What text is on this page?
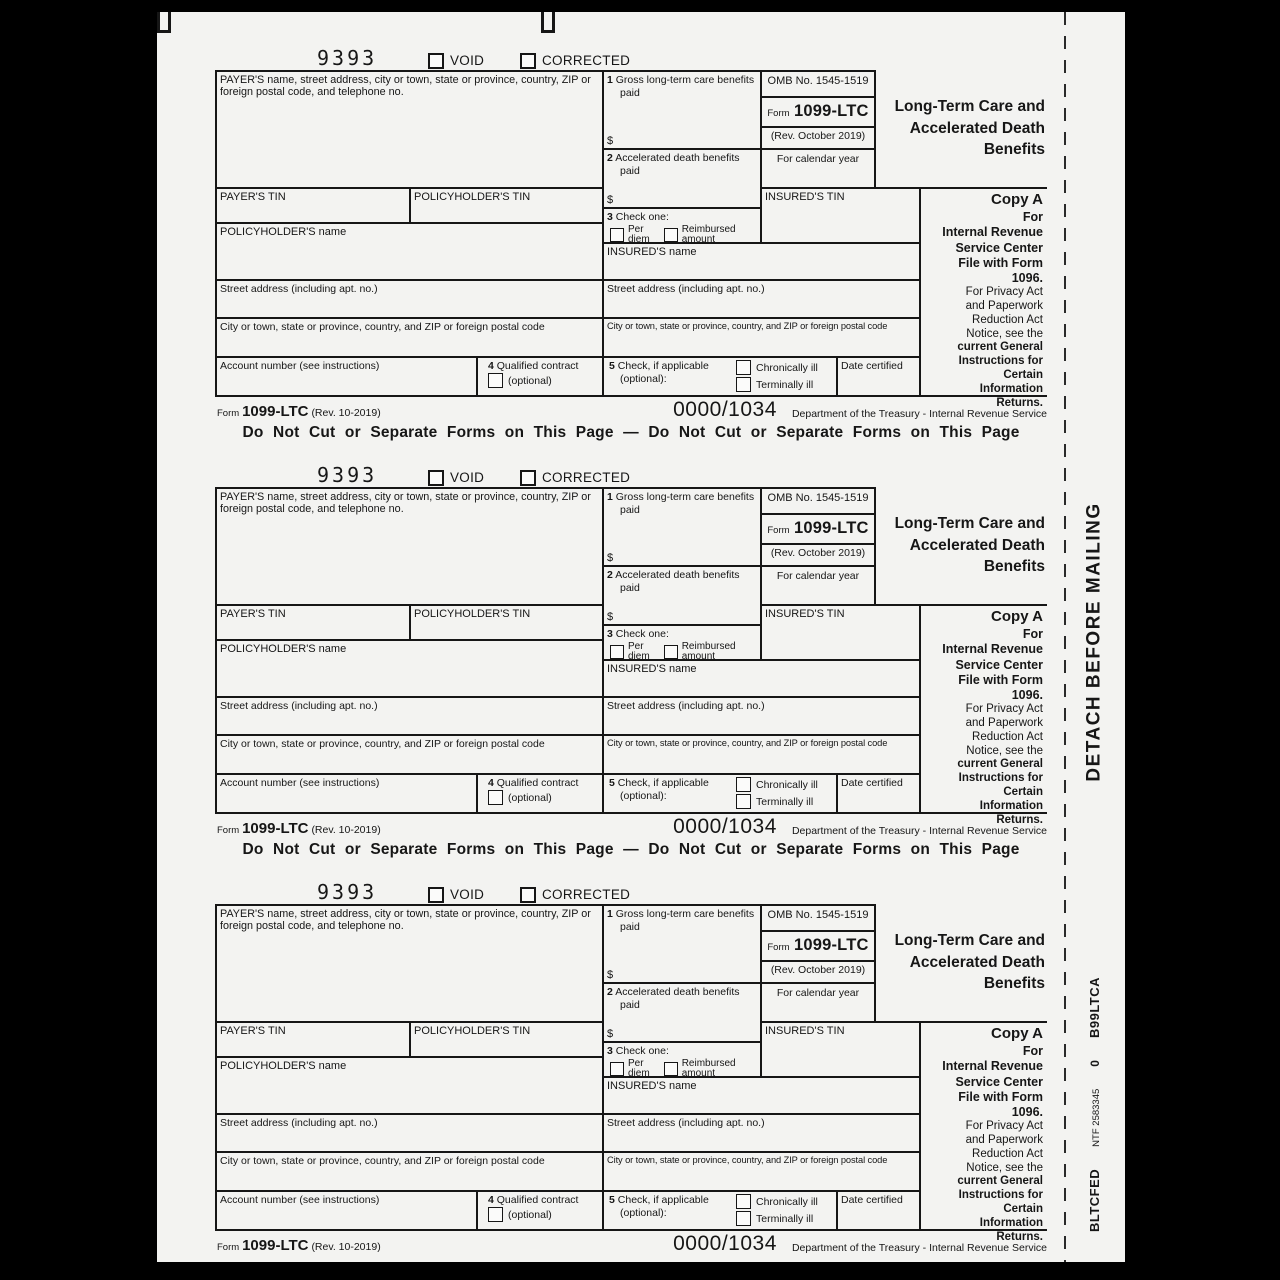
9393	VOID	CORRECTED
PAYER'S name, street address, city or town, state or province, country, ZIP or foreign postal code, and telephone no.
PAYER'S TIN	POLICYHOLDER'S TIN
POLICYHOLDER'S name
Street address (including apt. no.)
City or town, state or province, country, and ZIP or foreign postal code
Account number (see instructions)	4 Qualified contract
(optional)
1 Gross long-term care benefits paid
$
2 Accelerated death benefits paid
$
3 Check one:
Per
diem
Reimbursed
amount
OMB No. 1545-1519
Form 1099-LTC
(Rev. October 2019)
For calendar year
INSURED'S TIN
INSURED'S name
Street address (including apt. no.)
City or town, state or province, country, and ZIP or foreign postal code
5 Check, if applicable
(optional):
Chronically ill
Terminally ill
Date certified
Copy A
For
Internal Revenue
Service Center
File with Form 1096.
For Privacy Act
and Paperwork
Reduction Act
Notice, see the
current General
Instructions for
Certain
Information
Returns.
Long-Term Care and
Accelerated Death
Benefits
Form 1099-LTC (Rev. 10-2019)	0000/1034	Department of the Treasury - Internal Revenue Service
Do Not Cut or Separate Forms on This Page — Do Not Cut or Separate Forms on This Page
9393	VOID	CORRECTED
PAYER'S name, street address, city or town, state or province, country, ZIP or foreign postal code, and telephone no.
PAYER'S TIN	POLICYHOLDER'S TIN
POLICYHOLDER'S name
Street address (including apt. no.)
City or town, state or province, country, and ZIP or foreign postal code
Account number (see instructions)	4 Qualified contract
(optional)
1 Gross long-term care benefits paid
$
2 Accelerated death benefits paid
$
3 Check one:
Per
diem
Reimbursed
amount
OMB No. 1545-1519
Form 1099-LTC
(Rev. October 2019)
For calendar year
INSURED'S TIN
INSURED'S name
Street address (including apt. no.)
City or town, state or province, country, and ZIP or foreign postal code
5 Check, if applicable
(optional):
Chronically ill
Terminally ill
Date certified
Copy A
For
Internal Revenue
Service Center
File with Form 1096.
For Privacy Act
and Paperwork
Reduction Act
Notice, see the
current General
Instructions for
Certain
Information
Returns.
Long-Term Care and
Accelerated Death
Benefits
Form 1099-LTC (Rev. 10-2019)	0000/1034	Department of the Treasury - Internal Revenue Service
Do Not Cut or Separate Forms on This Page — Do Not Cut or Separate Forms on This Page
9393	VOID	CORRECTED
PAYER'S name, street address, city or town, state or province, country, ZIP or foreign postal code, and telephone no.
PAYER'S TIN	POLICYHOLDER'S TIN
POLICYHOLDER'S name
Street address (including apt. no.)
City or town, state or province, country, and ZIP or foreign postal code
Account number (see instructions)	4 Qualified contract
(optional)
1 Gross long-term care benefits paid
$
2 Accelerated death benefits paid
$
3 Check one:
Per
diem
Reimbursed
amount
OMB No. 1545-1519
Form 1099-LTC
(Rev. October 2019)
For calendar year
INSURED'S TIN
INSURED'S name
Street address (including apt. no.)
City or town, state or province, country, and ZIP or foreign postal code
5 Check, if applicable
(optional):
Chronically ill
Terminally ill
Date certified
Copy A
For
Internal Revenue
Service Center
File with Form 1096.
For Privacy Act
and Paperwork
Reduction Act
Notice, see the
current General
Instructions for
Certain
Information
Returns.
Long-Term Care and
Accelerated Death
Benefits
Form 1099-LTC (Rev. 10-2019)	0000/1034	Department of the Treasury - Internal Revenue Service
DETACH BEFORE MAILING
BLTCFED
NTF 2583345
0
B99LTCA
